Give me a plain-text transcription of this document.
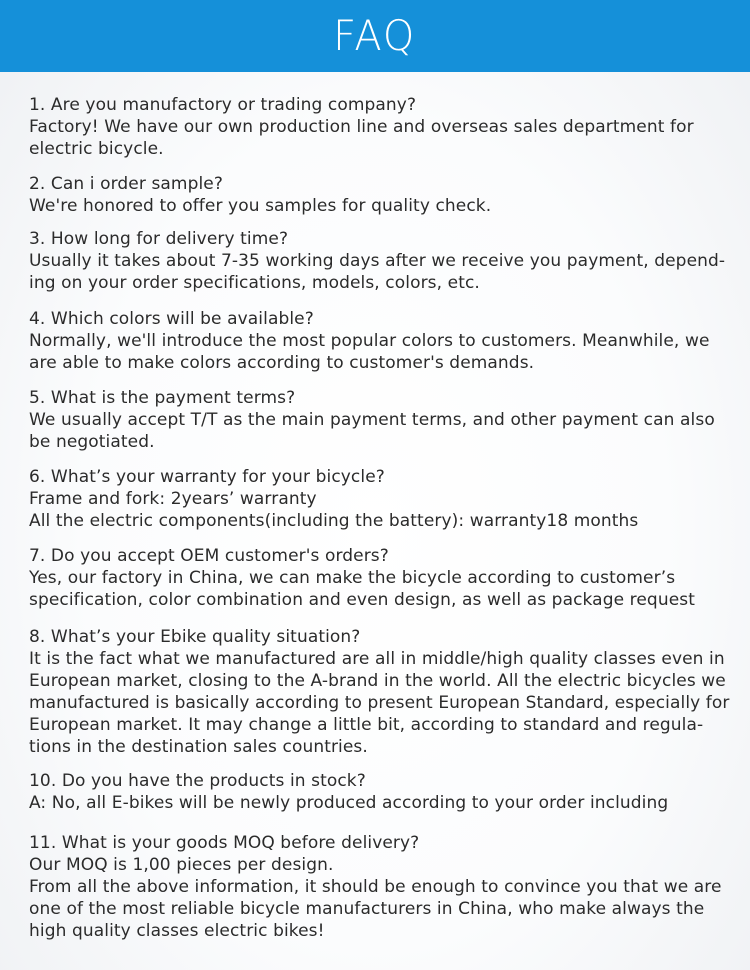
FAQ
1. Are you manufactory or trading company?
Factory! We have our own production line and overseas sales department for
electric bicycle.
2. Can i order sample?
We're honored to offer you samples for quality check.
3. How long for delivery time?
Usually it takes about 7-35 working days after we receive you payment, depend-
ing on your order specifications, models, colors, etc.
4. Which colors will be available?
Normally, we'll introduce the most popular colors to customers. Meanwhile, we
are able to make colors according to customer's demands.
5. What is the payment terms?
We usually accept T/T as the main payment terms, and other payment can also
be negotiated.
6. What’s your warranty for your bicycle?
Frame and fork: 2years’ warranty
All the electric components(including the battery): warranty18 months
7. Do you accept OEM customer's orders?
Yes, our factory in China, we can make the bicycle according to customer’s
specification, color combination and even design, as well as package request
8. What’s your Ebike quality situation?
It is the fact what we manufactured are all in middle/high quality classes even in
European market, closing to the A-brand in the world. All the electric bicycles we
manufactured is basically according to present European Standard, especially for
European market. It may change a little bit, according to standard and regula-
tions in the destination sales countries.
10. Do you have the products in stock?
A: No, all E-bikes will be newly produced according to your order including
11. What is your goods MOQ before delivery?
Our MOQ is 1,00 pieces per design.
From all the above information, it should be enough to convince you that we are
one of the most reliable bicycle manufacturers in China, who make always the
high quality classes electric bikes!
